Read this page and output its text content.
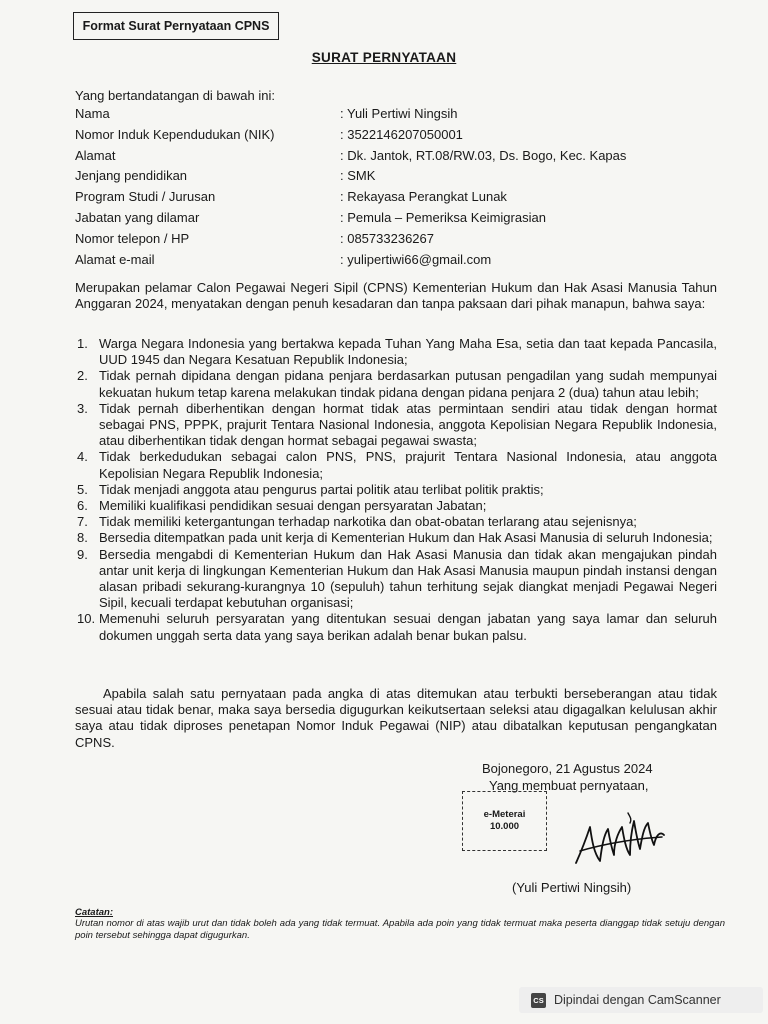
Format Surat Pernyataan CPNS
SURAT PERNYATAAN
Yang bertandatangan di bawah ini:
Nama	: Yuli Pertiwi Ningsih
Nomor Induk Kependudukan (NIK)	: 3522146207050001
Alamat	: Dk. Jantok, RT.08/RW.03, Ds. Bogo, Kec. Kapas
Jenjang pendidikan	: SMK
Program Studi / Jurusan	: Rekayasa Perangkat Lunak
Jabatan yang dilamar	: Pemula – Pemeriksa Keimigrasian
Nomor telepon / HP	: 085733236267
Alamat e-mail	: yulipertiwi66@gmail.com
Merupakan pelamar Calon Pegawai Negeri Sipil (CPNS) Kementerian Hukum dan Hak Asasi Manusia Tahun Anggaran 2024, menyatakan dengan penuh kesadaran dan tanpa paksaan dari pihak manapun, bahwa saya:
1. Warga Negara Indonesia yang bertakwa kepada Tuhan Yang Maha Esa, setia dan taat kepada Pancasila, UUD 1945 dan Negara Kesatuan Republik Indonesia;
2. Tidak pernah dipidana dengan pidana penjara berdasarkan putusan pengadilan yang sudah mempunyai kekuatan hukum tetap karena melakukan tindak pidana dengan pidana penjara 2 (dua) tahun atau lebih;
3. Tidak pernah diberhentikan dengan hormat tidak atas permintaan sendiri atau tidak dengan hormat sebagai PNS, PPPK, prajurit Tentara Nasional Indonesia, anggota Kepolisian Negara Republik Indonesia, atau diberhentikan tidak dengan hormat sebagai pegawai swasta;
4. Tidak berkedudukan sebagai calon PNS, PNS, prajurit Tentara Nasional Indonesia, atau anggota Kepolisian Negara Republik Indonesia;
5. Tidak menjadi anggota atau pengurus partai politik atau terlibat politik praktis;
6. Memiliki kualifikasi pendidikan sesuai dengan persyaratan Jabatan;
7. Tidak memiliki ketergantungan terhadap narkotika dan obat-obatan terlarang atau sejenisnya;
8. Bersedia ditempatkan pada unit kerja di Kementerian Hukum dan Hak Asasi Manusia di seluruh Indonesia;
9. Bersedia mengabdi di Kementerian Hukum dan Hak Asasi Manusia dan tidak akan mengajukan pindah antar unit kerja di lingkungan Kementerian Hukum dan Hak Asasi Manusia maupun pindah instansi dengan alasan pribadi sekurang-kurangnya 10 (sepuluh) tahun terhitung sejak diangkat menjadi Pegawai Negeri Sipil, kecuali terdapat kebutuhan organisasi;
10. Memenuhi seluruh persyaratan yang ditentukan sesuai dengan jabatan yang saya lamar dan seluruh dokumen unggah serta data yang saya berikan adalah benar bukan palsu.
Apabila salah satu pernyataan pada angka di atas ditemukan atau terbukti berseberangan atau tidak sesuai atau tidak benar, maka saya bersedia digugurkan keikutsertaan seleksi atau digagalkan kelulusan akhir saya atau tidak diproses penetapan Nomor Induk Pegawai (NIP) atau dibatalkan keputusan pengangkatan CPNS.
Bojonegoro, 21 Agustus 2024
Yang membuat pernyataan,
e-Meterai
10.000
(Yuli Pertiwi Ningsih)
Catatan:
Urutan nomor di atas wajib urut dan tidak boleh ada yang tidak termuat. Apabila ada poin yang tidak termuat maka peserta dianggap tidak setuju dengan poin tersebut sehingga dapat digugurkan.
CS Dipindai dengan CamScanner
